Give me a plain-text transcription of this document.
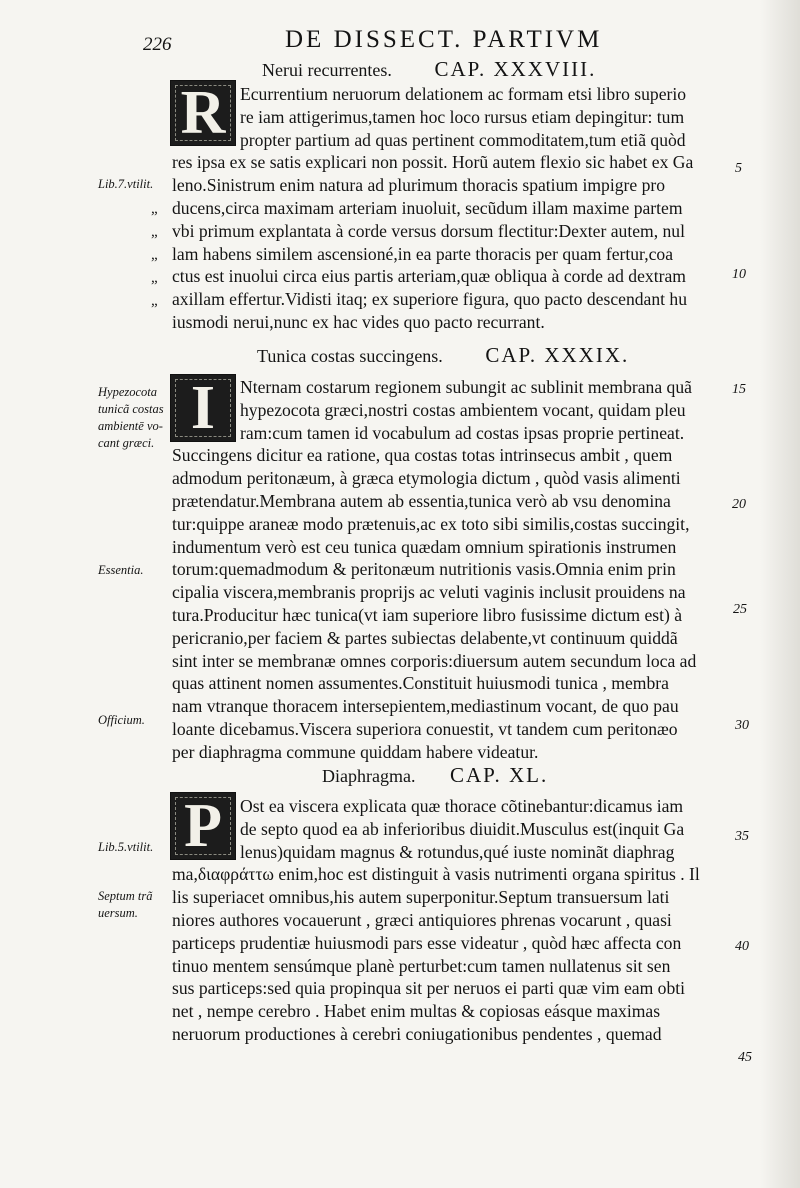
226	DE DISSECT. PARTIVM
Nerui recurrentes. CAP. XXXVIII.
R Ecurrentium neruorum delationem ac formam etsi libro superio
re iam attigerimus,tamen hoc loco rursus etiam depingitur: tum
propter partium ad quas pertinent commoditatem,tum etiã quòd
res ipsa ex se satis explicari non possit. Horũ autem flexio sic habet ex Ga
leno.Sinistrum enim natura ad plurimum thoracis spatium impigre pro
ducens,circa maximam arteriam inuoluit, secũdum illam maxime partem
vbi primum explantata à corde versus dorsum flectitur:Dexter autem, nul
lam habens similem ascensioné,in ea parte thoracis per quam fertur,coa
ctus est inuolui circa eius partis arteriam,quæ obliqua à corde ad dextram
axillam effertur.Vidisti itaq; ex superiore figura, quo pacto descendant hu
iusmodi nerui,nunc ex hac vides quo pacto recurrant.
Tunica costas succingens. CAP. XXXIX.
I Nternam costarum regionem subungit ac sublinit membrana quã
hypezocota græci,nostri costas ambientem vocant, quidam pleu
ram:cum tamen id vocabulum ad costas ipsas proprie pertineat.
Succingens dicitur ea ratione, qua costas totas intrinsecus ambit , quem
admodum peritonæum, à græca etymologia dictum , quòd vasis alimenti
prætendatur.Membrana autem ab essentia,tunica verò ab vsu denomina
tur:quippe araneæ modo prætenuis,ac ex toto sibi similis,costas succingit,
indumentum verò est ceu tunica quædam omnium spirationis instrumen
torum:quemadmodum & peritonæum nutritionis vasis.Omnia enim prin
cipalia viscera,membranis proprijs ac veluti vaginis inclusit prouidens na
tura.Producitur hæc tunica(vt iam superiore libro fusissime dictum est) à
pericranio,per faciem & partes subiectas delabente,vt continuum quiddã
sint inter se membranæ omnes corporis:diuersum autem secundum loca ad
quas attinent nomen assumentes.Constituit huiusmodi tunica , membra
nam vtranque thoracem intersepientem,mediastinum vocant, de quo pau
loante dicebamus.Viscera superiora conuestit, vt tandem cum peritonæo
per diaphragma commune quiddam habere videatur.
Diaphragma. CAP. XL.
P Ost ea viscera explicata quæ thorace cõtinebantur:dicamus iam
de septo quod ea ab inferioribus diuidit.Musculus est(inquit Ga
lenus)quidam magnus & rotundus,qué iuste nominãt diaphrag
ma,διαφράττω enim,hoc est distinguit à vasis nutrimenti organa spiritus . Il
lis superiacet omnibus,his autem superponitur.Septum transuersum lati
niores authores vocauerunt , græci antiquiores phrenas vocarunt , quasi
particeps prudentiæ huiusmodi pars esse videatur , quòd hæc affecta con
tinuo mentem sensúmque planè perturbet:cum tamen nullatenus sit sen
sus particeps:sed quia propinqua sit per neruos ei parti quæ vim eam obti
net , nempe cerebro . Habet enim multas & copiosas eásque maximas
neruorum productiones à cerebri coniugationibus pendentes , quemad
Lib.7.vtilit.
Hypezocota
tunicã costas
ambientē vo-
cant græci.
Essentia.
Officium.
Lib.5.vtilit.
Septum trã
uersum.
„
„
„
„
„
5
10
15
20
25
30
35
40
45
